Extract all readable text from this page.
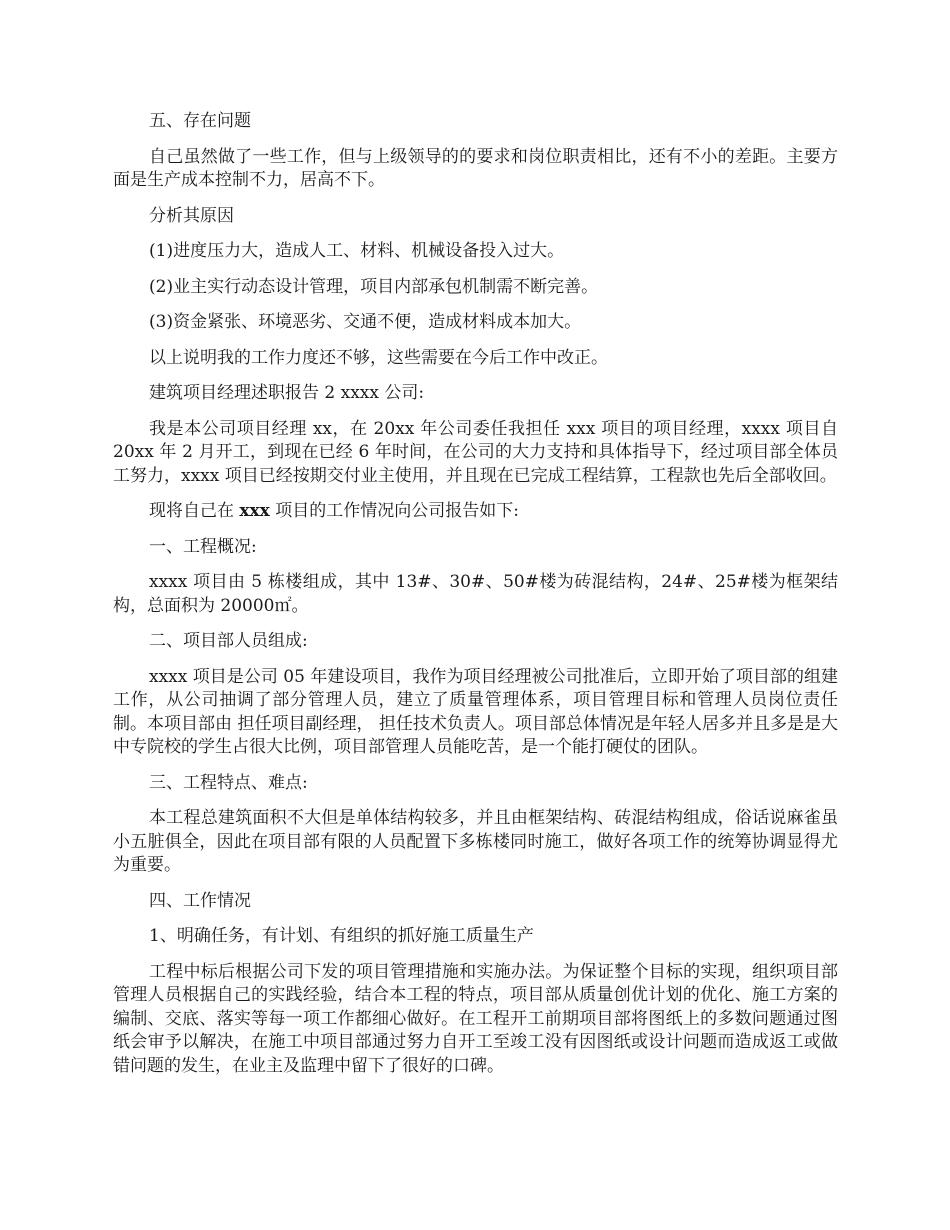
五、存在问题

自己虽然做了一些工作，但与上级领导的的要求和岗位职责相比，还有不小的差距。主要方面是生产成本控制不力，居高不下。

分析其原因

(1)进度压力大，造成人工、材料、机械设备投入过大。

(2)业主实行动态设计管理，项目内部承包机制需不断完善。

(3)资金紧张、环境恶劣、交通不便，造成材料成本加大。

以上说明我的工作力度还不够，这些需要在今后工作中改正。

建筑项目经理述职报告 2 xxxx 公司:

我是本公司项目经理 xx，在 20xx 年公司委任我担任 xxx 项目的项目经理，xxxx 项目自 20xx 年 2 月开工，到现在已经 6 年时间，在公司的大力支持和具体指导下，经过项目部全体员工努力，xxxx 项目已经按期交付业主使用，并且现在已完成工程结算，工程款也先后全部收回。

现将自己在 xxx 项目的工作情况向公司报告如下:

一、工程概况:

xxxx 项目由 5 栋楼组成，其中 13#、30#、50#楼为砖混结构，24#、25#楼为框架结构，总面积为 20000㎡。

二、项目部人员组成:

xxxx 项目是公司 05 年建设项目，我作为项目经理被公司批准后，立即开始了项目部的组建工作，从公司抽调了部分管理人员，建立了质量管理体系，项目管理目标和管理人员岗位责任制。本项目部由 担任项目副经理， 担任技术负责人。项目部总体情况是年轻人居多并且多是是大中专院校的学生占很大比例，项目部管理人员能吃苦，是一个能打硬仗的团队。

三、工程特点、难点:

本工程总建筑面积不大但是单体结构较多，并且由框架结构、砖混结构组成，俗话说麻雀虽小五脏俱全，因此在项目部有限的人员配置下多栋楼同时施工，做好各项工作的统筹协调显得尤为重要。

四、工作情况

1、明确任务，有计划、有组织的抓好施工质量生产

工程中标后根据公司下发的项目管理措施和实施办法。为保证整个目标的实现，组织项目部管理人员根据自己的实践经验，结合本工程的特点，项目部从质量创优计划的优化、施工方案的编制、交底、落实等每一项工作都细心做好。在工程开工前期项目部将图纸上的多数问题通过图纸会审予以解决，在施工中项目部通过努力自开工至竣工没有因图纸或设计问题而造成返工或做错问题的发生，在业主及监理中留下了很好的口碑。
